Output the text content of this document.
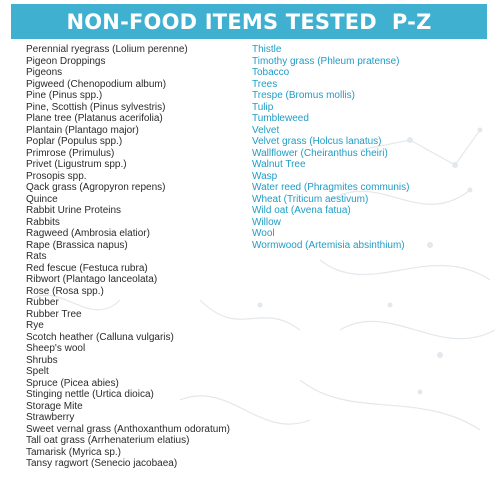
NON-FOOD ITEMS TESTED  P-Z
Perennial ryegrass (Lolium perenne)
Pigeon Droppings
Pigeons
Pigweed (Chenopodium album)
Pine (Pinus spp.)
Pine, Scottish (Pinus sylvestris)
Plane tree (Platanus acerifolia)
Plantain (Plantago major)
Poplar (Populus spp.)
Primrose (Primulus)
Privet (Ligustrum spp.)
Prosopis spp.
Qack grass (Agropyron repens)
Quince
Rabbit Urine Proteins
Rabbits
Ragweed (Ambrosia elatior)
Rape (Brassica napus)
Rats
Red fescue (Festuca rubra)
Ribwort (Plantago lanceolata)
Rose (Rosa spp.)
Rubber
Rubber Tree
Rye
Scotch heather (Calluna vulgaris)
Sheep's wool
Shrubs
Spelt
Spruce (Picea abies)
Stinging nettle (Urtica dioica)
Storage Mite
Strawberry
Sweet vernal grass (Anthoxanthum odoratum)
Tall oat grass (Arrhenaterium elatius)
Tamarisk (Myrica sp.)
Tansy ragwort (Senecio jacobaea)
Thistle
Timothy grass (Phleum pratense)
Tobacco
Trees
Trespe (Bromus mollis)
Tulip
Tumbleweed
Velvet
Velvet grass (Holcus lanatus)
Wallflower (Cheiranthus cheiri)
Walnut Tree
Wasp
Water reed (Phragmites communis)
Wheat (Triticum aestivum)
Wild oat (Avena fatua)
Willow
Wool
Wormwood (Artemisia absinthium)
